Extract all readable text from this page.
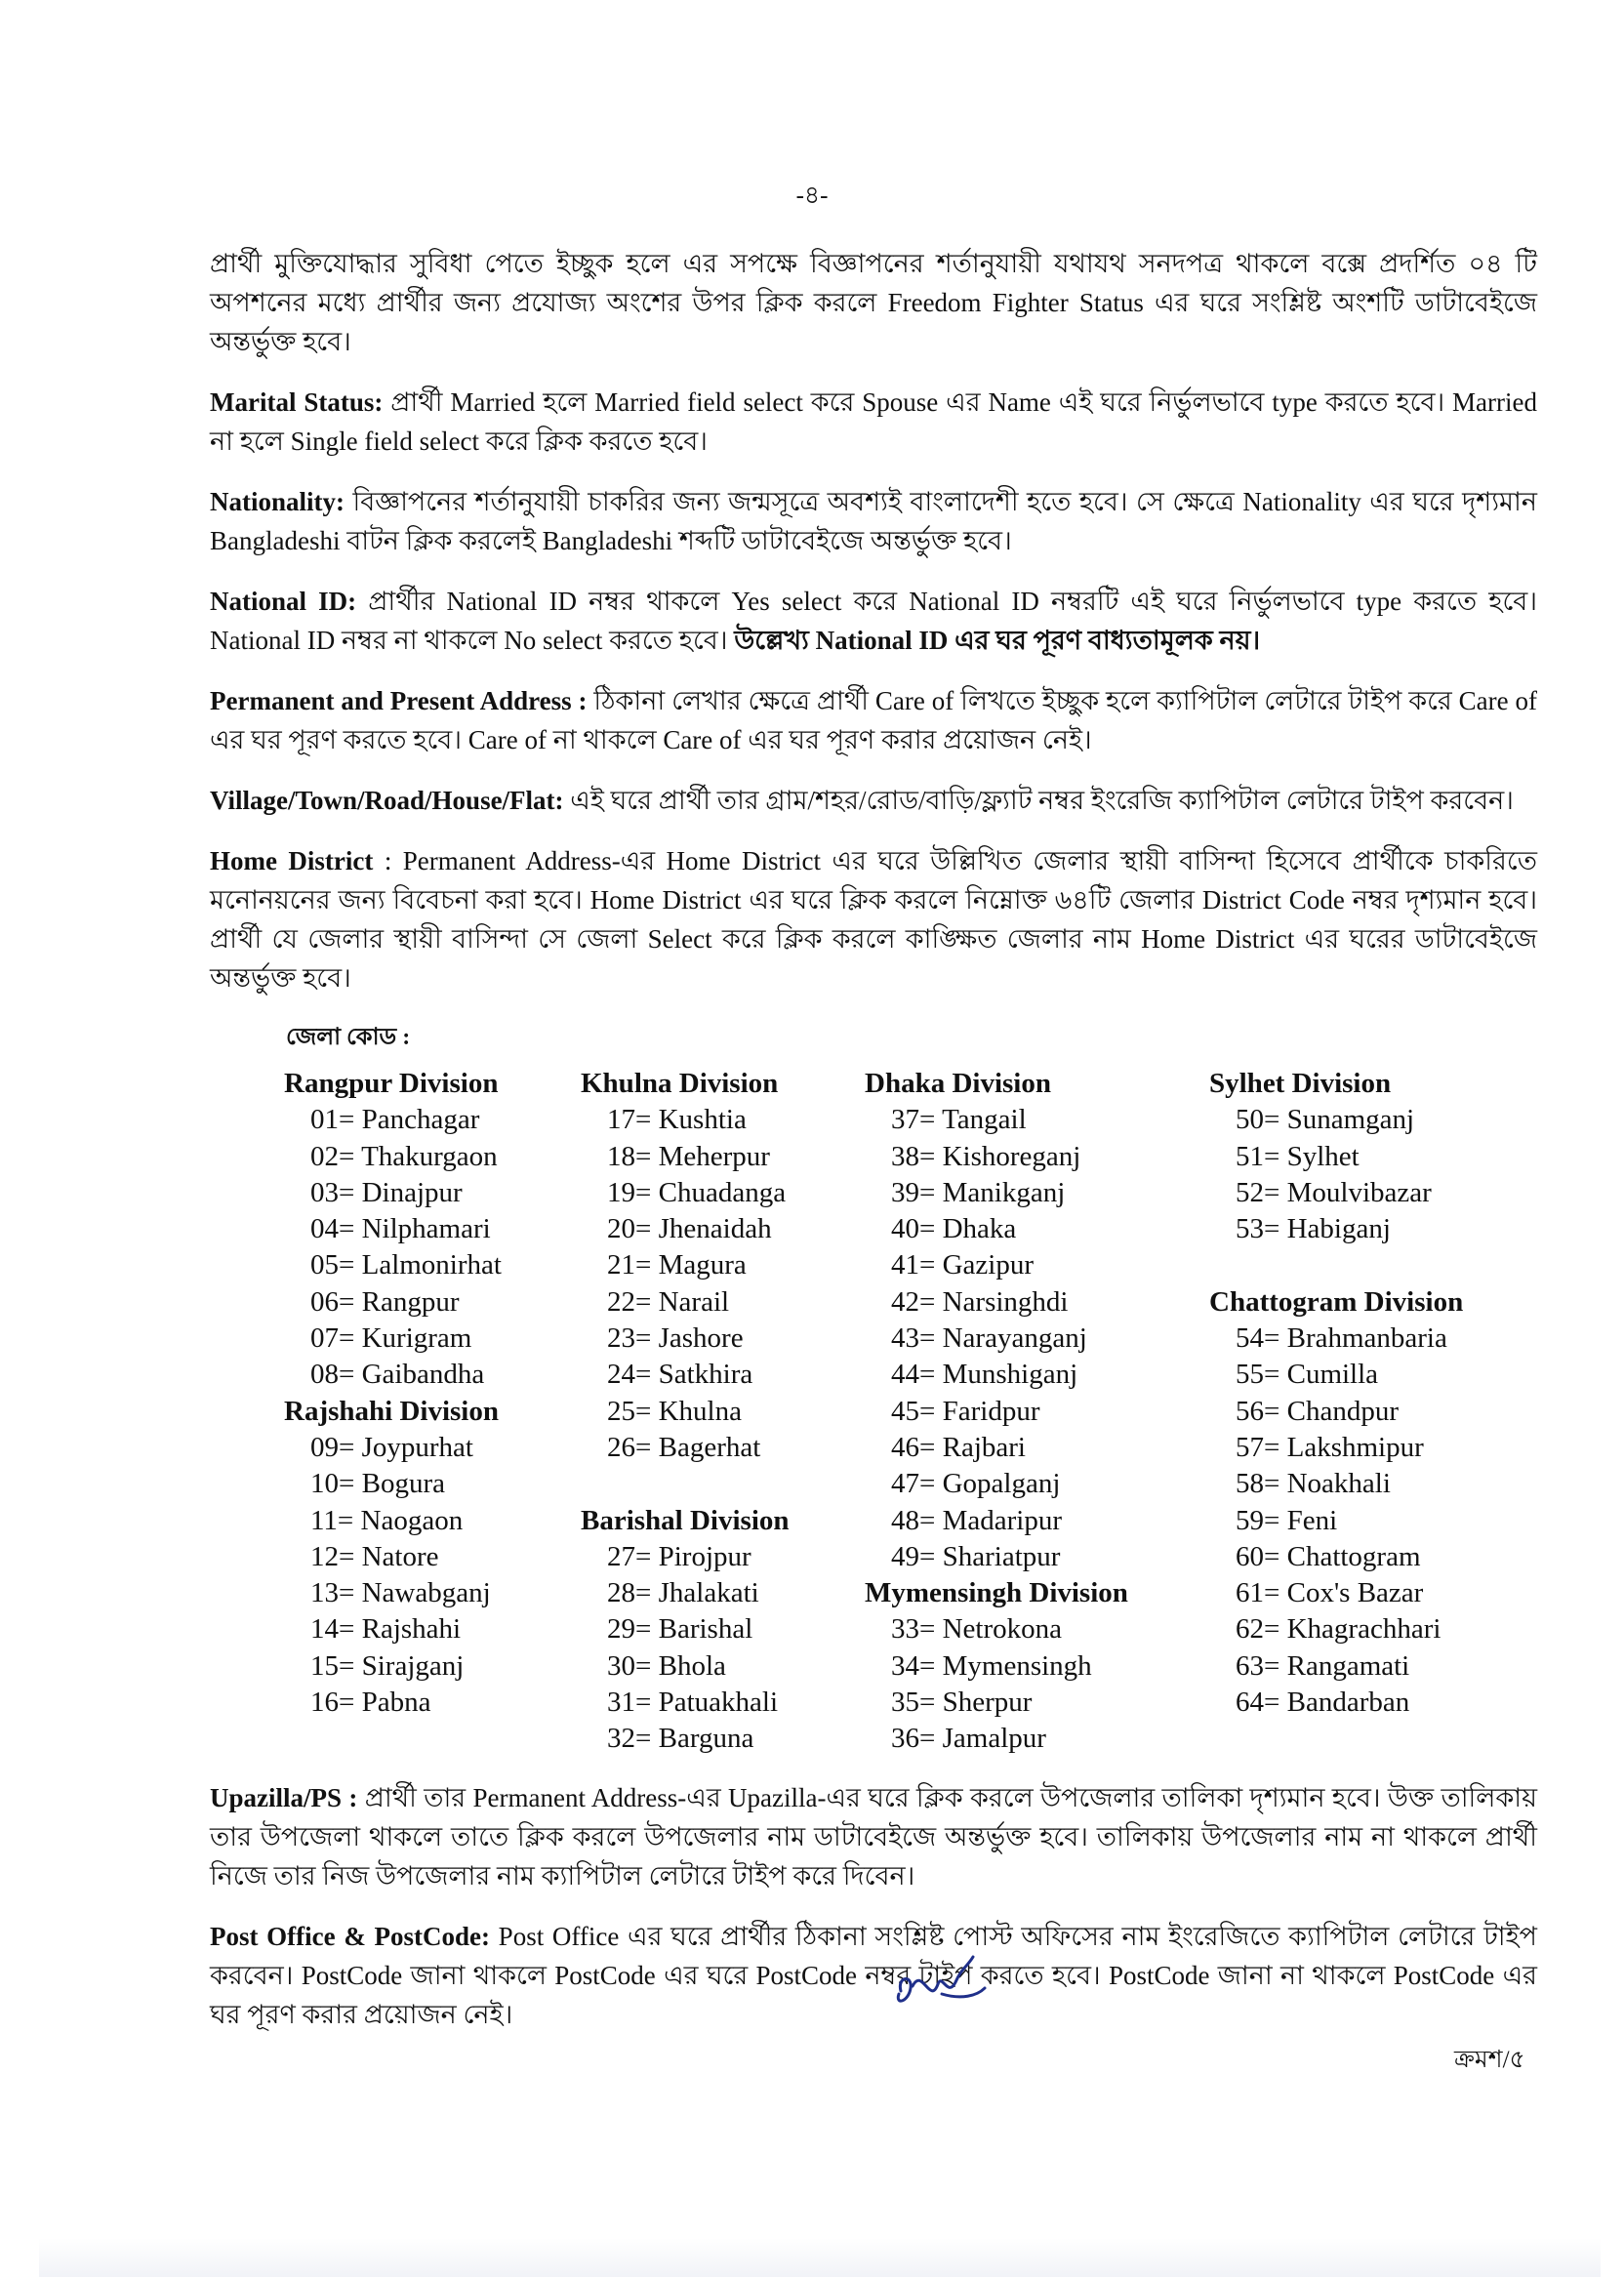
-৪-

প্রার্থী মুক্তিযোদ্ধার সুবিধা পেতে ইচ্ছুক হলে এর সপক্ষে বিজ্ঞাপনের শর্তানুযায়ী যথাযথ সনদপত্র থাকলে বক্সে প্রদর্শিত ০৪ টি অপশনের মধ্যে প্রার্থীর জন্য প্রযোজ্য অংশের উপর ক্লিক করলে Freedom Fighter Status এর ঘরে সংশ্লিষ্ট অংশটি ডাটাবেইজে অন্তর্ভুক্ত হবে।

Marital Status: প্রার্থী Married হলে Married field select করে Spouse এর Name এই ঘরে নির্ভুলভাবে type করতে হবে। Married না হলে Single field select করে ক্লিক করতে হবে।

Nationality: বিজ্ঞাপনের শর্তানুযায়ী চাকরির জন্য জন্মসূত্রে অবশ্যই বাংলাদেশী হতে হবে। সে ক্ষেত্রে Nationality এর ঘরে দৃশ্যমান Bangladeshi বাটন ক্লিক করলেই Bangladeshi শব্দটি ডাটাবেইজে অন্তর্ভুক্ত হবে।

National ID: প্রার্থীর National ID নম্বর থাকলে Yes select করে National ID নম্বরটি এই ঘরে নির্ভুলভাবে type করতে হবে। National ID নম্বর না থাকলে No select করতে হবে। উল্লেখ্য National ID এর ঘর পূরণ বাধ্যতামূলক নয়।

Permanent and Present Address : ঠিকানা লেখার ক্ষেত্রে প্রার্থী Care of লিখতে ইচ্ছুক হলে ক্যাপিটাল লেটারে টাইপ করে Care of এর ঘর পূরণ করতে হবে। Care of না থাকলে Care of এর ঘর পূরণ করার প্রয়োজন নেই।

Village/Town/Road/House/Flat: এই ঘরে প্রার্থী তার গ্রাম/শহর/রোড/বাড়ি/ফ্ল্যাট নম্বর ইংরেজি ক্যাপিটাল লেটারে টাইপ করবেন।

Home District : Permanent Address-এর Home District এর ঘরে উল্লিখিত জেলার স্থায়ী বাসিন্দা হিসেবে প্রার্থীকে চাকরিতে মনোনয়নের জন্য বিবেচনা করা হবে। Home District এর ঘরে ক্লিক করলে নিম্নোক্ত ৬৪টি জেলার District Code নম্বর দৃশ্যমান হবে। প্রার্থী যে জেলার স্থায়ী বাসিন্দা সে জেলা Select করে ক্লিক করলে কাঙ্ক্ষিত জেলার নাম Home District এর ঘরের ডাটাবেইজে অন্তর্ভুক্ত হবে।

জেলা কোড :
Rangpur Division
01= Panchagar
02= Thakurgaon
03= Dinajpur
04= Nilphamari
05= Lalmonirhat
06= Rangpur
07= Kurigram
08= Gaibandha
Rajshahi Division
09= Joypurhat
10= Bogura
11= Naogaon
12= Natore
13= Nawabganj
14= Rajshahi
15= Sirajganj
16= Pabna
Khulna Division
17= Kushtia
18= Meherpur
19= Chuadanga
20= Jhenaidah
21= Magura
22= Narail
23= Jashore
24= Satkhira
25= Khulna
26= Bagerhat
Barishal Division
27= Pirojpur
28= Jhalakati
29= Barishal
30= Bhola
31= Patuakhali
32= Barguna
Dhaka Division
37= Tangail
38= Kishoreganj
39= Manikganj
40= Dhaka
41= Gazipur
42= Narsinghdi
43= Narayanganj
44= Munshiganj
45= Faridpur
46= Rajbari
47= Gopalganj
48= Madaripur
49= Shariatpur
Mymensingh Division
33= Netrokona
34= Mymensingh
35= Sherpur
36= Jamalpur
Sylhet Division
50= Sunamganj
51= Sylhet
52= Moulvibazar
53= Habiganj
Chattogram Division
54= Brahmanbaria
55= Cumilla
56= Chandpur
57= Lakshmipur
58= Noakhali
59= Feni
60= Chattogram
61= Cox's Bazar
62= Khagrachhari
63= Rangamati
64= Bandarban

Upazilla/PS : প্রার্থী তার Permanent Address-এর Upazilla-এর ঘরে ক্লিক করলে উপজেলার তালিকা দৃশ্যমান হবে। উক্ত তালিকায় তার উপজেলা থাকলে তাতে ক্লিক করলে উপজেলার নাম ডাটাবেইজে অন্তর্ভুক্ত হবে। তালিকায় উপজেলার নাম না থাকলে প্রার্থী নিজে তার নিজ উপজেলার নাম ক্যাপিটাল লেটারে টাইপ করে দিবেন।

Post Office & PostCode: Post Office এর ঘরে প্রার্থীর ঠিকানা সংশ্লিষ্ট পোস্ট অফিসের নাম ইংরেজিতে ক্যাপিটাল লেটারে টাইপ করবেন। PostCode জানা থাকলে PostCode এর ঘরে PostCode নম্বর টাইপ করতে হবে। PostCode জানা না থাকলে PostCode এর ঘর পূরণ করার প্রয়োজন নেই।

ক্রমশ/৫
